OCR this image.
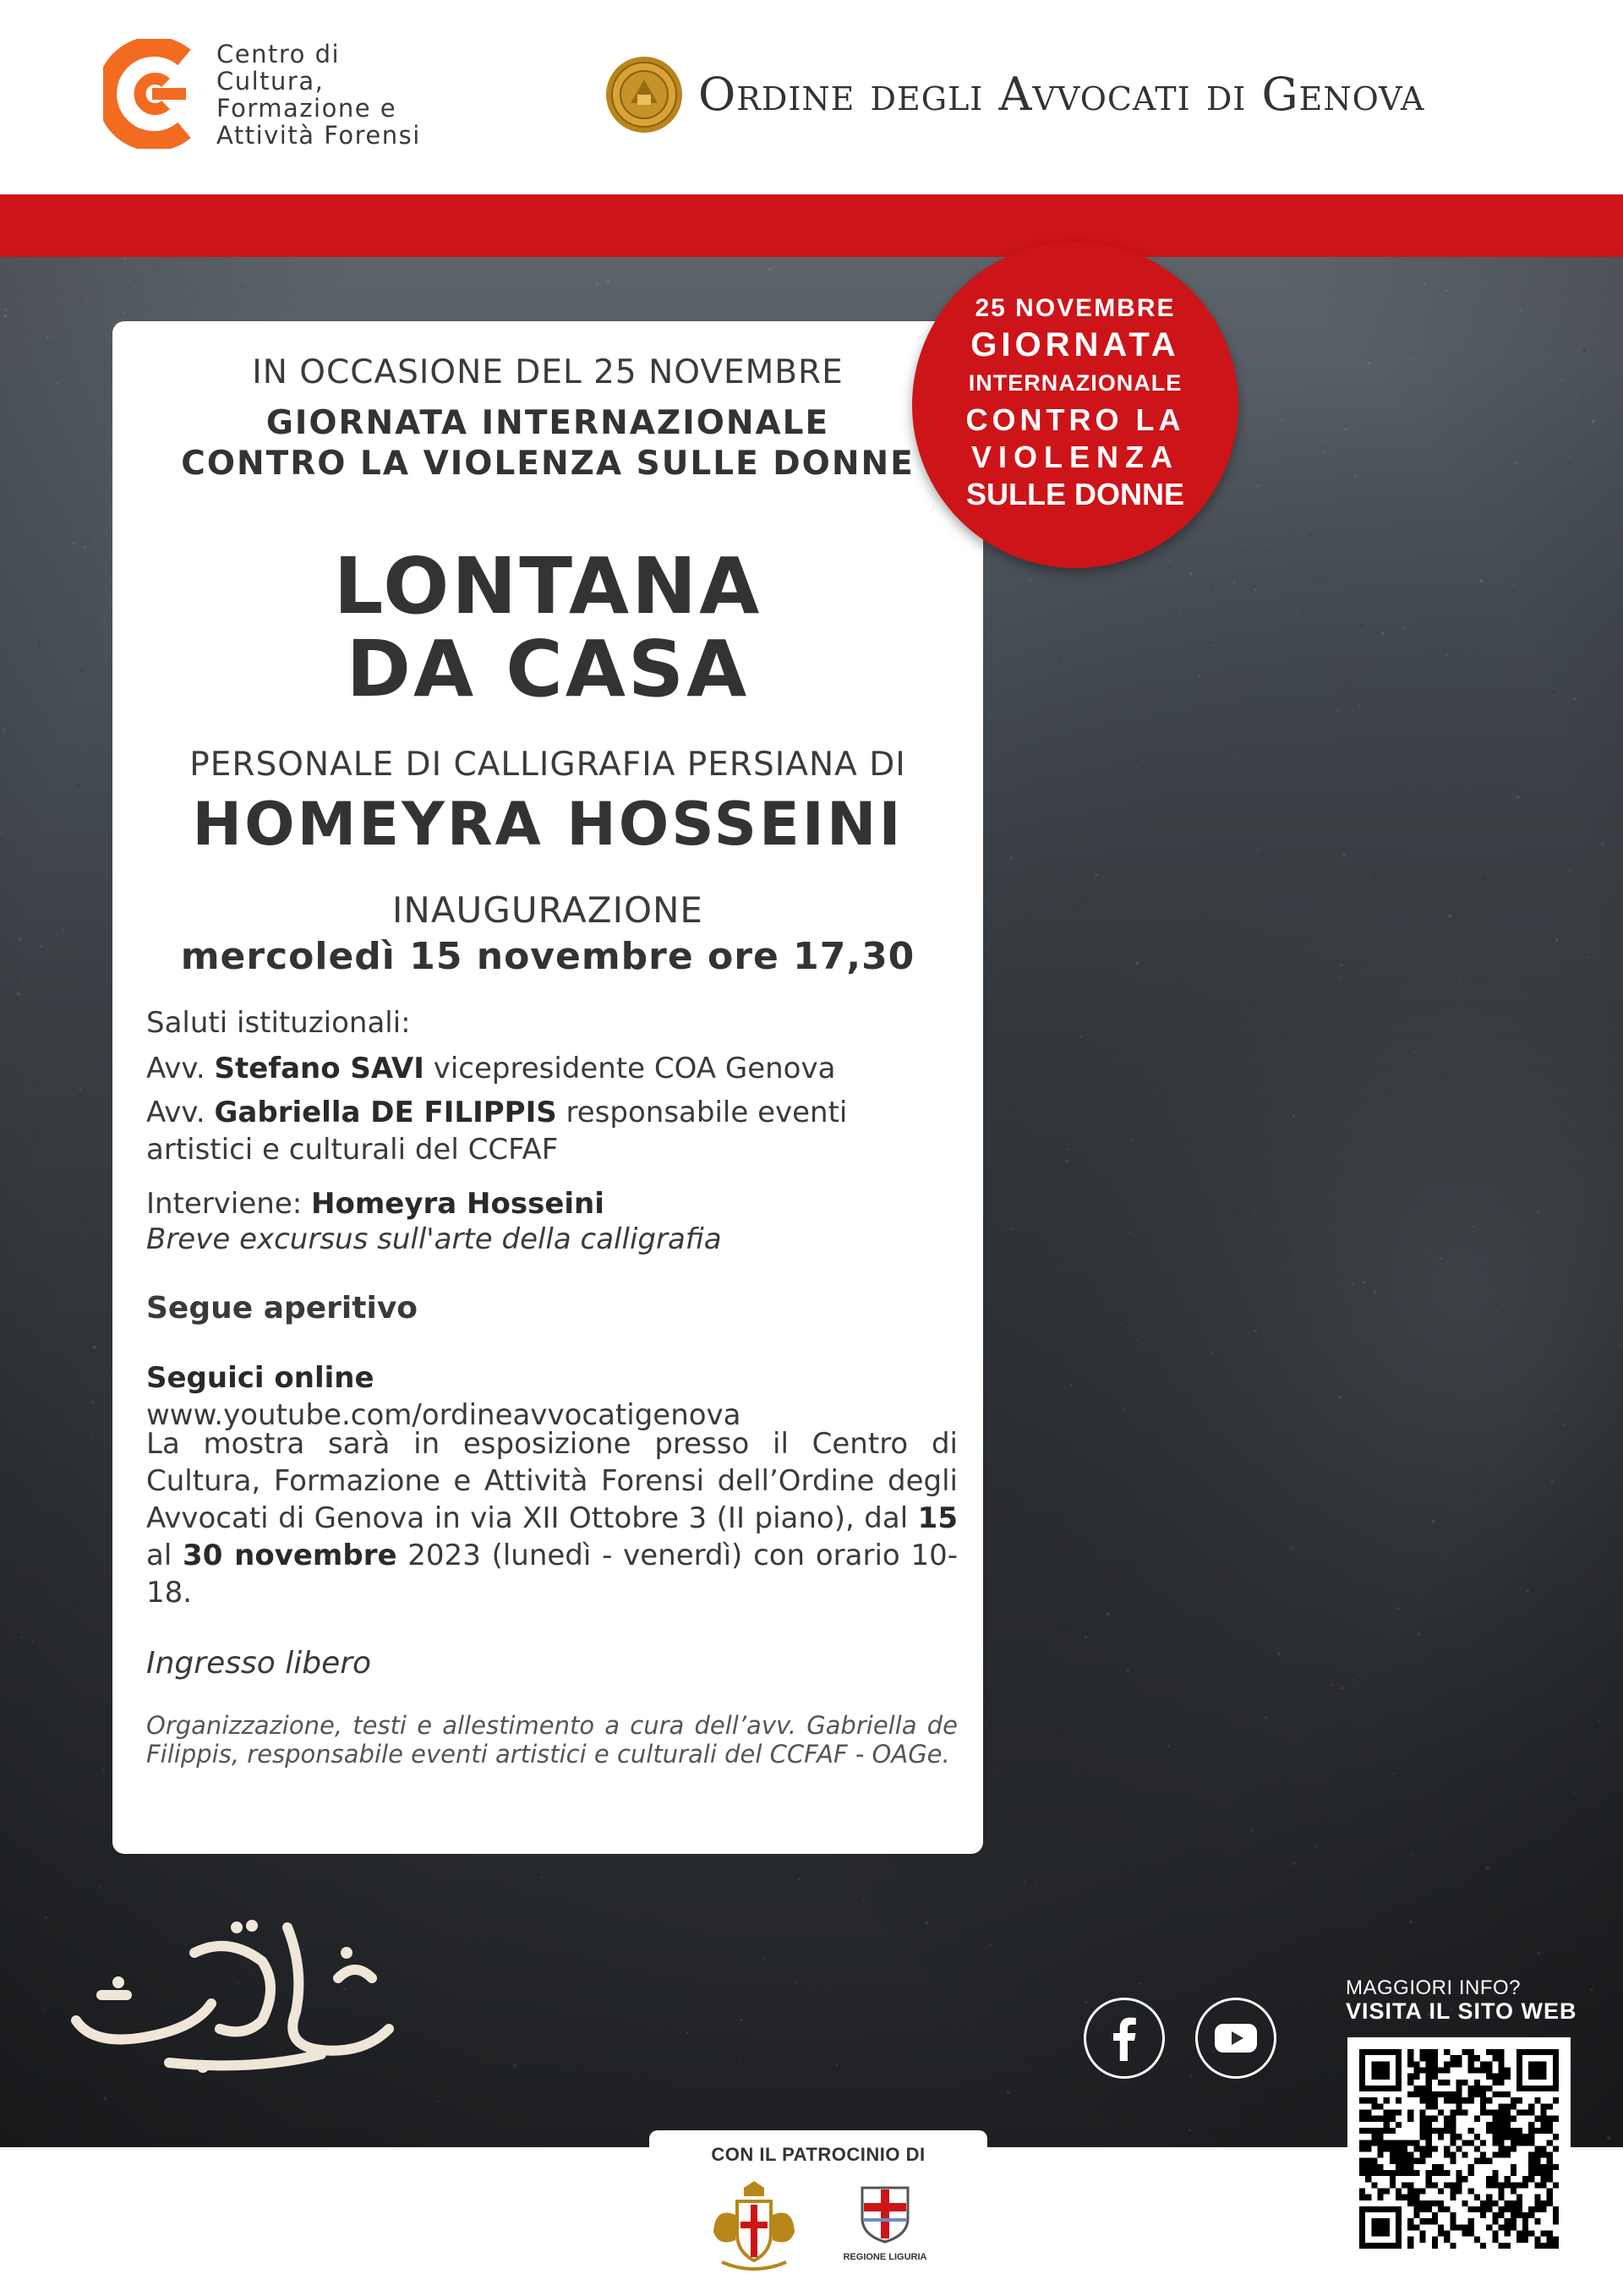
Centro di
Cultura,
Formazione e
Attività Forensi
Ordine degli Avvocati di Genova
IN OCCASIONE DEL 25 NOVEMBRE
GIORNATA INTERNAZIONALE
CONTRO LA VIOLENZA SULLE DONNE
LONTANA
DA CASA
PERSONALE DI CALLIGRAFIA PERSIANA DI
HOMEYRA HOSSEINI
INAUGURAZIONE
mercoledì 15 novembre ore 17,30
Saluti istituzionali:
Avv. Stefano SAVI vicepresidente COA Genova
Avv. Gabriella DE FILIPPIS responsabile eventi artistici e culturali del CCFAF
Interviene: Homeyra Hosseini
Breve excursus sull'arte della calligrafia
Segue aperitivo
Seguici online www.youtube.com/ordineavvocatigenova
La mostra sarà in esposizione presso il Centro di Cultura, Formazione e Attività Forensi dell’Ordine degli Avvocati di Genova in via XII Ottobre 3 (II piano), dal 15 al 30 novembre 2023 (lunedì - venerdì) con orario 10-18.
Ingresso libero
Organizzazione, testi e allestimento a cura dell’avv. Gabriella de Filippis, responsabile eventi artistici e culturali del CCFAF - OAGe.
25 NOVEMBRE
GIORNATA
INTERNAZIONALE
CONTRO LA
VIOLENZA
SULLE DONNE
MAGGIORI INFO?
VISITA IL SITO WEB
CON IL PATROCINIO DI
REGIONE LIGURIA
